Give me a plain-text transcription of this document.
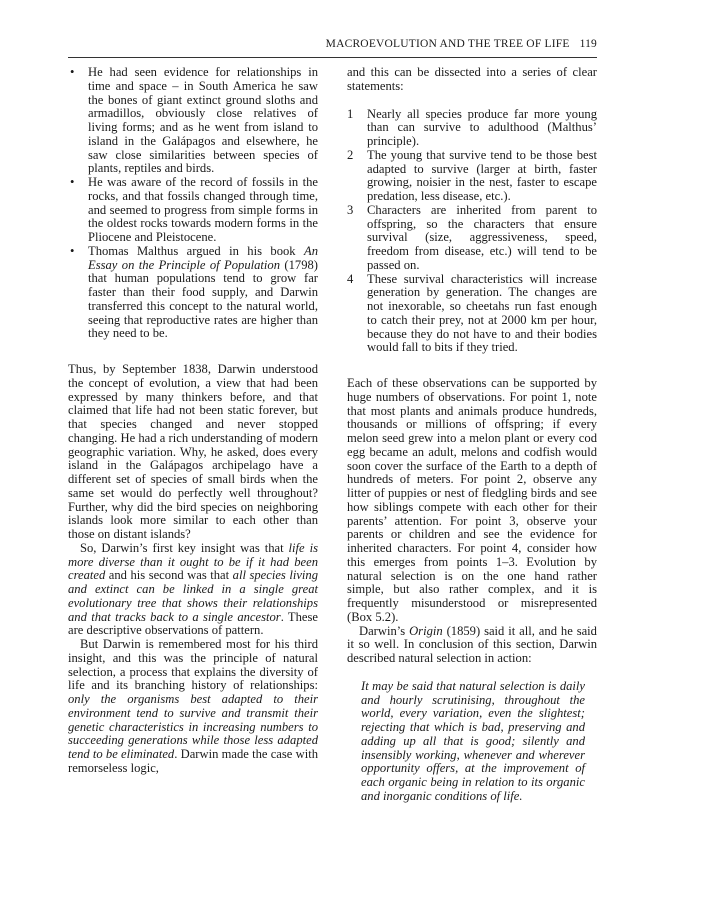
MACROEVOLUTION AND THE TREE OF LIFE 119
• He had seen evidence for relationships in time and space – in South America he saw the bones of giant extinct ground sloths and armadillos, obviously close relatives of living forms; and as he went from island to island in the Galápagos and elsewhere, he saw close similarities between species of plants, reptiles and birds.
• He was aware of the record of fossils in the rocks, and that fossils changed through time, and seemed to progress from simple forms in the oldest rocks towards modern forms in the Pliocene and Pleistocene.
• Thomas Malthus argued in his book An Essay on the Principle of Population (1798) that human populations tend to grow far faster than their food supply, and Darwin transferred this concept to the natural world, seeing that reproductive rates are higher than they need to be.

Thus, by September 1838, Darwin understood the concept of evolution, a view that had been expressed by many thinkers before, and that claimed that life had not been static forever, but that species changed and never stopped changing. He had a rich understanding of modern geographic variation. Why, he asked, does every island in the Galápagos archipelago have a different set of species of small birds when the same set would do perfectly well throughout? Further, why did the bird species on neighboring islands look more similar to each other than those on distant islands?

So, Darwin’s first key insight was that life is more diverse than it ought to be if it had been created and his second was that all species living and extinct can be linked in a single great evolutionary tree that shows their relationships and that tracks back to a single ancestor. These are descriptive observations of pattern.

But Darwin is remembered most for his third insight, and this was the principle of natural selection, a process that explains the diversity of life and its branching history of relationships: only the organisms best adapted to their environment tend to survive and transmit their genetic characteristics in increasing numbers to succeeding generations while those less adapted tend to be eliminated. Darwin made the case with remorseless logic,

and this can be dissected into a series of clear statements:

1 Nearly all species produce far more young than can survive to adulthood (Malthus’ principle).
2 The young that survive tend to be those best adapted to survive (larger at birth, faster growing, noisier in the nest, faster to escape predation, less disease, etc.).
3 Characters are inherited from parent to offspring, so the characters that ensure survival (size, aggressiveness, speed, freedom from disease, etc.) will tend to be passed on.
4 These survival characteristics will increase generation by generation. The changes are not inexorable, so cheetahs run fast enough to catch their prey, not at 2000 km per hour, because they do not have to and their bodies would fall to bits if they tried.

Each of these observations can be supported by huge numbers of observations. For point 1, note that most plants and animals produce hundreds, thousands or millions of offspring; if every melon seed grew into a melon plant or every cod egg became an adult, melons and codfish would soon cover the surface of the Earth to a depth of hundreds of meters. For point 2, observe any litter of puppies or nest of fledgling birds and see how siblings compete with each other for their parents’ attention. For point 3, observe your parents or children and see the evidence for inherited characters. For point 4, consider how this emerges from points 1–3. Evolution by natural selection is on the one hand rather simple, but also rather complex, and it is frequently misunderstood or misrepresented (Box 5.2).

Darwin’s Origin (1859) said it all, and he said it so well. In conclusion of this section, Darwin described natural selection in action:

It may be said that natural selection is daily and hourly scrutinising, throughout the world, every variation, even the slightest; rejecting that which is bad, preserving and adding up all that is good; silently and insensibly working, whenever and wherever opportunity offers, at the improvement of each organic being in relation to its organic and inorganic conditions of life.
